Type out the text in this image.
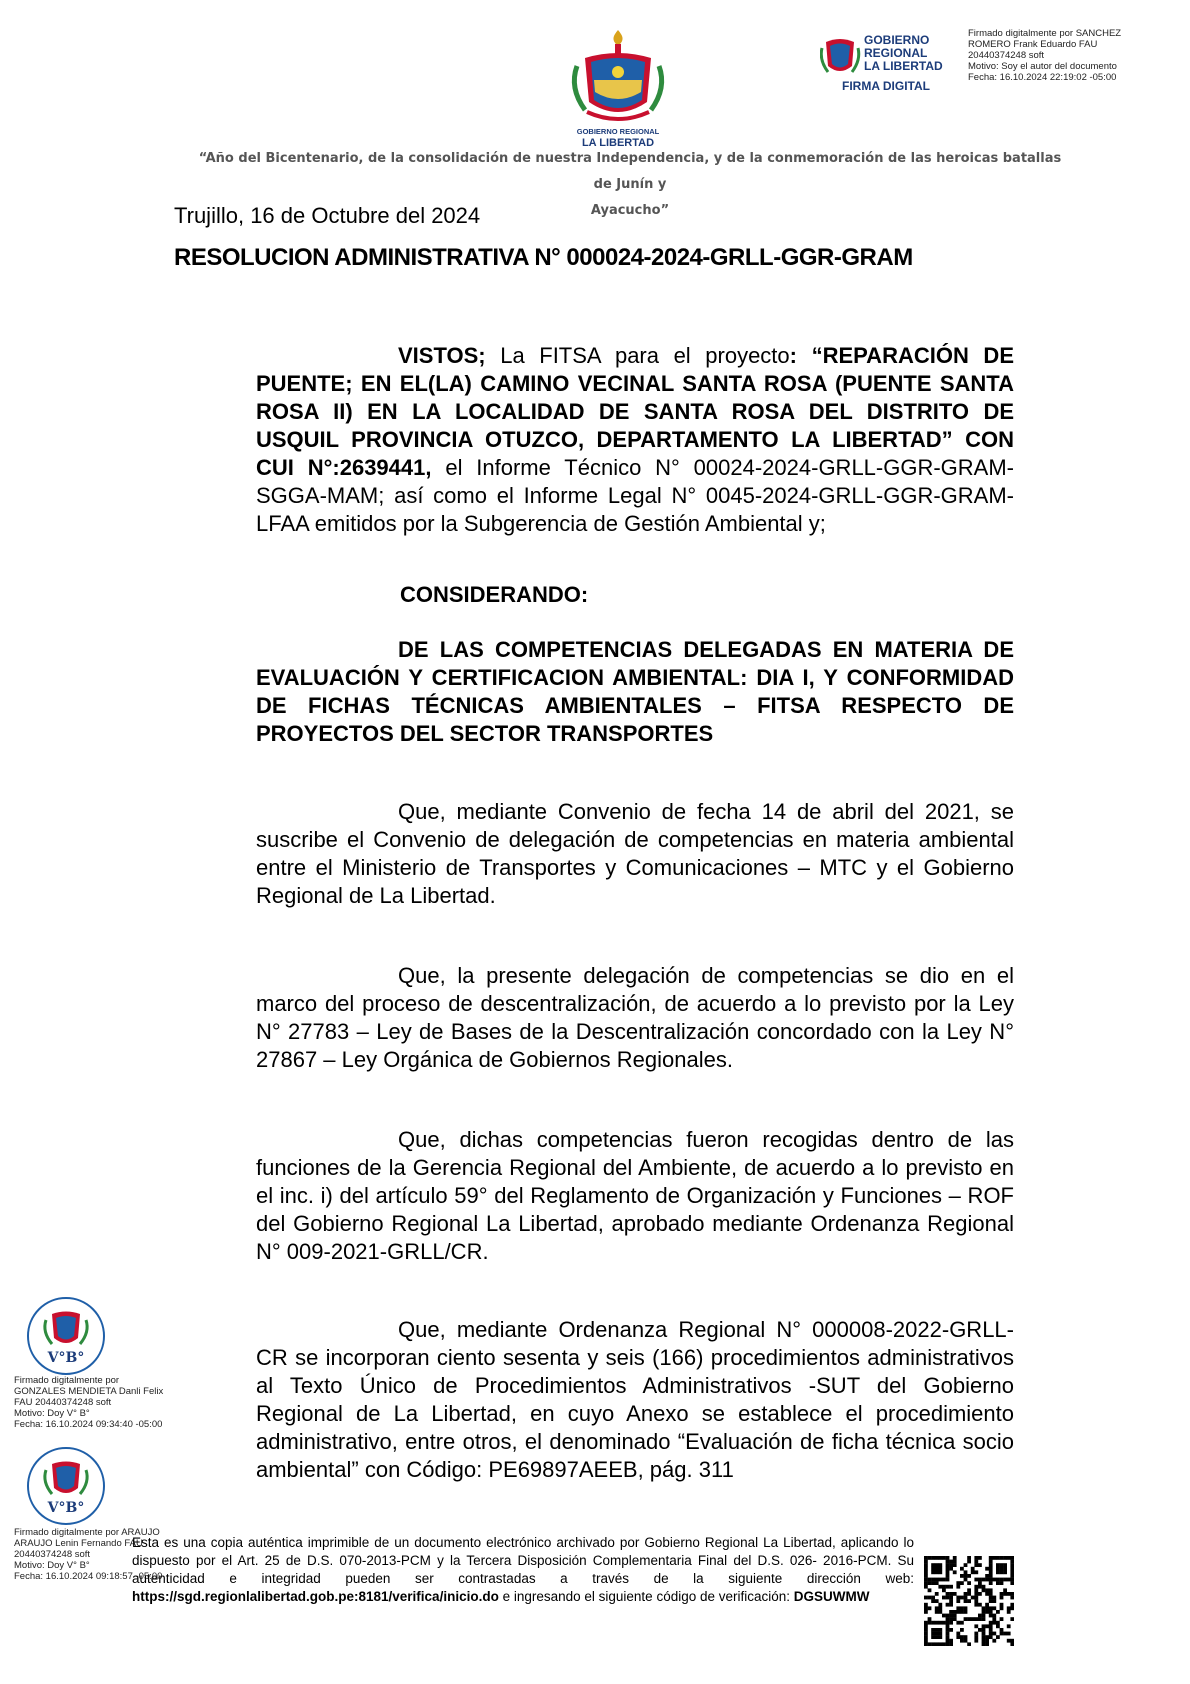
GOBIERNO REGIONAL
LA LIBERTAD
GOBIERNO
REGIONAL
LA LIBERTAD
FIRMA DIGITAL
Firmado digitalmente por SANCHEZ
ROMERO Frank Eduardo FAU
20440374248 soft
Motivo: Soy el autor del documento
Fecha: 16.10.2024 22:19:02 -05:00
“Año del Bicentenario, de la consolidación de nuestra Independencia, y de la conmemoración de las heroicas batallas de Junín y
Ayacucho”
Trujillo, 16 de Octubre del 2024
RESOLUCION ADMINISTRATIVA N° 000024-2024-GRLL-GGR-GRAM
VISTOS; La FITSA para el proyecto: “REPARACIÓN DE PUENTE; EN EL(LA) CAMINO VECINAL SANTA ROSA (PUENTE SANTA ROSA II) EN LA LOCALIDAD DE SANTA ROSA DEL DISTRITO DE USQUIL PROVINCIA OTUZCO, DEPARTAMENTO LA LIBERTAD” CON CUI N°:2639441, el Informe Técnico N° 00024-2024-GRLL-GGR-GRAM-SGGA-MAM; así como el Informe Legal N° 0045-2024-GRLL-GGR-GRAM-LFAA emitidos por la Subgerencia de Gestión Ambiental y;
CONSIDERANDO:
DE LAS COMPETENCIAS DELEGADAS EN MATERIA DE EVALUACIÓN Y CERTIFICACION AMBIENTAL: DIA I, Y CONFORMIDAD DE FICHAS TÉCNICAS AMBIENTALES – FITSA RESPECTO DE PROYECTOS DEL SECTOR TRANSPORTES
Que, mediante Convenio de fecha 14 de abril del 2021, se suscribe el Convenio de delegación de competencias en materia ambiental entre el Ministerio de Transportes y Comunicaciones – MTC y el Gobierno Regional de La Libertad.
Que, la presente delegación de competencias se dio en el marco del proceso de descentralización, de acuerdo a lo previsto por la Ley N° 27783 – Ley de Bases de la Descentralización concordado con la Ley N° 27867 – Ley Orgánica de Gobiernos Regionales.
Que, dichas competencias fueron recogidas dentro de las funciones de la Gerencia Regional del Ambiente, de acuerdo a lo previsto en el inc. i) del artículo 59° del Reglamento de Organización y Funciones – ROF del Gobierno Regional La Libertad, aprobado mediante Ordenanza Regional N° 009-2021-GRLL/CR.
Que, mediante Ordenanza Regional N° 000008-2022-GRLL-CR se incorporan ciento sesenta y seis (166) procedimientos administrativos al Texto Único de Procedimientos Administrativos -SUT del Gobierno Regional de La Libertad, en cuyo Anexo se establece el procedimiento administrativo, entre otros, el denominado “Evaluación de ficha técnica socio ambiental” con Código: PE69897AEEB, pág. 311
V°B°
Firmado digitalmente por
GONZALES MENDIETA Danli Felix
FAU 20440374248 soft
Motivo: Doy V° B°
Fecha: 16.10.2024 09:34:40 -05:00
V°B°
Firmado digitalmente por ARAUJO
ARAUJO Lenin Fernando FAU
20440374248 soft
Motivo: Doy V° B°
Fecha: 16.10.2024 09:18:57 -05:00
Esta es una copia auténtica imprimible de un documento electrónico archivado por Gobierno Regional La Libertad, aplicando lo dispuesto por el Art. 25 de D.S. 070-2013-PCM y la Tercera Disposición Complementaria Final del D.S. 026- 2016-PCM. Su autenticidad e integridad pueden ser contrastadas a través de la siguiente dirección web: https://sgd.regionlalibertad.gob.pe:8181/verifica/inicio.do e ingresando el siguiente código de verificación: DGSUWMW
